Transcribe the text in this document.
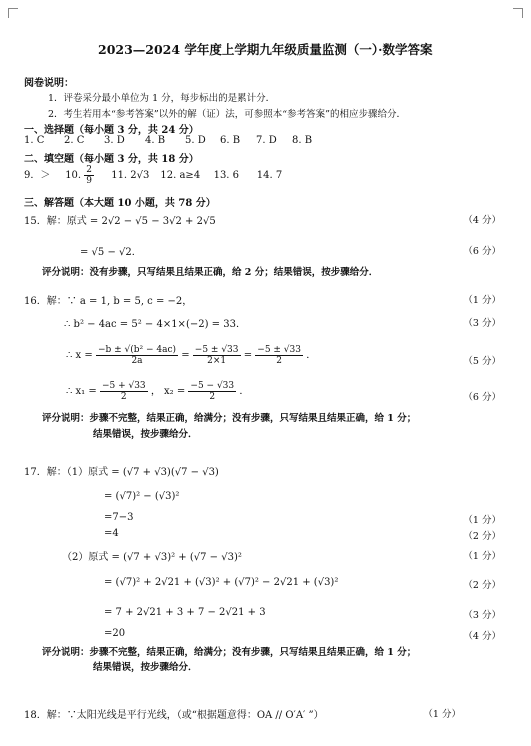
2023—2024 学年度上学期九年级质量监测（一）·数学答案
阅卷说明：
1．评卷采分最小单位为 1 分，每步标出的是累计分．
2．考生若用本“参考答案”以外的解（证）法，可参照本“参考答案”的相应步骤给分．
一、选择题（每小题 3 分，共 24 分）
1. C 2. C 3. D 4. B 5. D 6. B 7. D 8. B
二、填空题（每小题 3 分，共 18 分）
9．＞ 10. $\frac{2}{9} 11$. 2√3 12. a≥4 13. 6 14. 7
三、解答题（本大题 10 小题，共 78 分）
15．解：原式 = 2√2 − √5 − 3√2 + 2√5	（4 分）
= √5 − √2．	（6 分）
评分说明：没有步骤，只写结果且结果正确，给 2 分；结果错误，按步骤给分．
16．解：∵ a = 1, b = 5, c = −2，	（1 分）
∴ b² − 4ac = 5² − 4×1×(−2) = 33．	（3 分）
∴ $x = \frac{\text{−b ± √(b² − 4ac)}}{2a} = \frac{-5 \pm √33}{2\times 1} = \frac{-5 \pm √33}{2}$ ．
（5 分）
∴ $x_1 = \frac{-5 + √33}{2}$ ， $x_2 = \frac{-5 - √33}{2}$ ．
（6 分）
评分说明：步骤不完整，结果正确，给满分；没有步骤，只写结果且结果正确，给 1 分；
结果错误，按步骤给分．
17．解：（1）原式 = (√7 + √3)(√7 − √3)
= (√7)² − (√3)²
=7−3	（1 分）
=4	（2 分）
（2）原式 = (√7 + √3)² + (√7 − √3)²	（1 分）
= (√7)² + 2√21 + (√3)² + (√7)² − 2√21 + (√3)²	（2 分）
= 7 + 2√21 + 3 + 7 − 2√21 + 3	（3 分）
=20	（4 分）
评分说明：步骤不完整，结果正确，给满分；没有步骤，只写结果且结果正确，给 1 分；
结果错误，按步骤给分．
18．解：∵太阳光线是平行光线，（或“根据题意得：OA // O′A′ ”）	（1 分）
